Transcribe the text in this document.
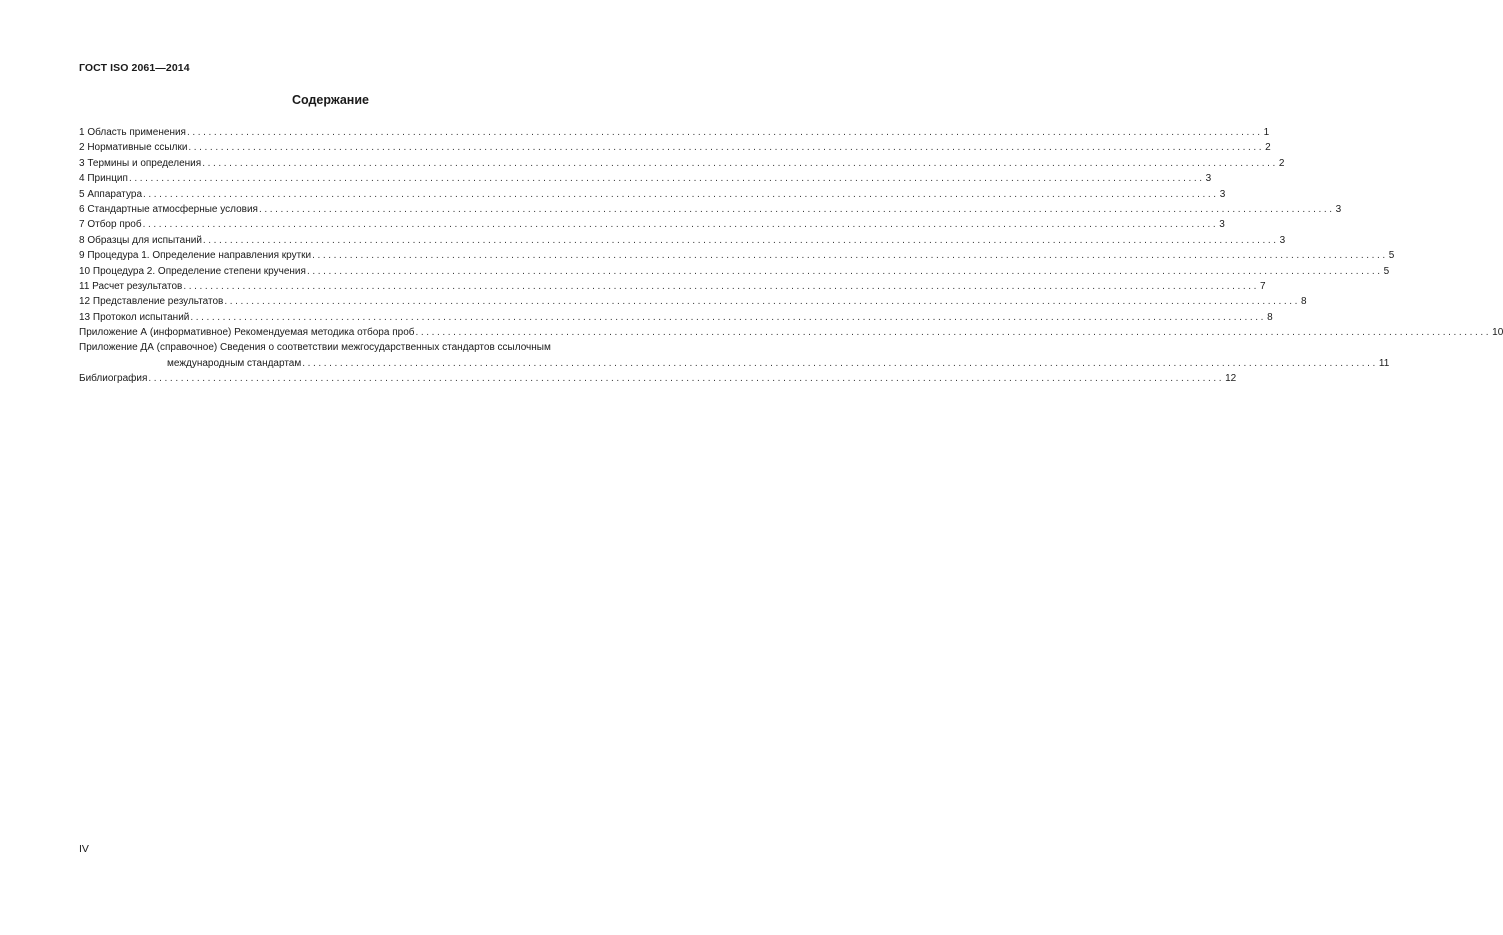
ГОСТ ISO 2061—2014
Содержание
1 Область применения ........................................................................................................................................................................................................ 1
2 Нормативные ссылки ........................................................................................................................................................................................................ 2
3 Термины и определения ........................................................................................................................................................................................................ 2
4 Принцип ........................................................................................................................................................................................................ 3
5 Аппаратура ........................................................................................................................................................................................................ 3
6 Стандартные атмосферные условия ........................................................................................................................................................................................................ 3
7 Отбор проб ........................................................................................................................................................................................................ 3
8 Образцы для испытаний ........................................................................................................................................................................................................ 3
9 Процедура 1. Определение направления крутки ........................................................................................................................................................................................................ 5
10 Процедура 2. Определение степени кручения ........................................................................................................................................................................................................ 5
11 Расчет результатов ........................................................................................................................................................................................................ 7
12 Представление результатов ........................................................................................................................................................................................................ 8
13 Протокол испытаний ........................................................................................................................................................................................................ 8
Приложение А (информативное) Рекомендуемая методика отбора проб ........................................................................................................................................................................................................ 10
Приложение ДА (справочное) Сведения о соответствии межгосударственных стандартов ссылочным
международным стандартам ........................................................................................................................................................................................................ 11
Библиография ........................................................................................................................................................................................................ 12
IV
